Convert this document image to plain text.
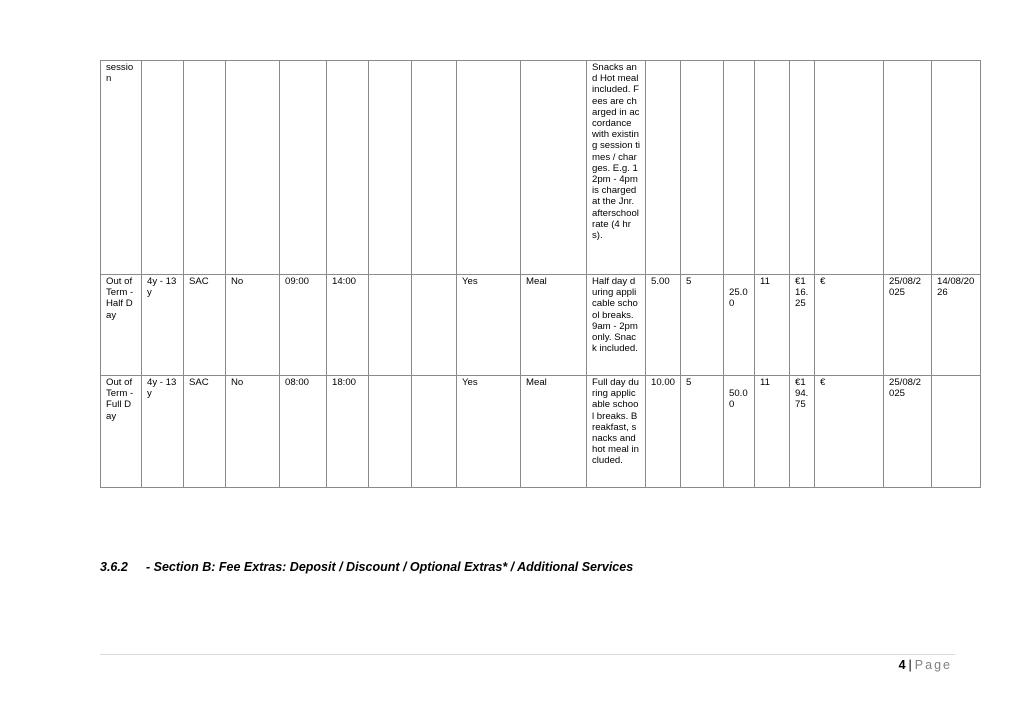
session										Snacks and Hot meal included. Fees are charged in accordance with existing session times / charges. E.g. 12pm - 4pm is charged at the Jnr. afterschool rate (4 hrs).								
Out of Term - Half Day	4y - 13y	SAC	No	09:00	14:00			Yes	Meal	Half day during applicable school breaks. 9am - 2pm only. Snack included.	5.00	5	25.00	11	€116.25	€	25/08/2025	14/08/2026
Out of Term - Full Day	4y - 13y	SAC	No	08:00	18:00			Yes	Meal	Full day during applicable school breaks. Breakfast, snacks and hot meal included.	10.00	5	50.00	11	€194.75	€	25/08/2025	
3.6.2 - Section B: Fee Extras: Deposit / Discount / Optional Extras* / Additional Services
4 | Page
